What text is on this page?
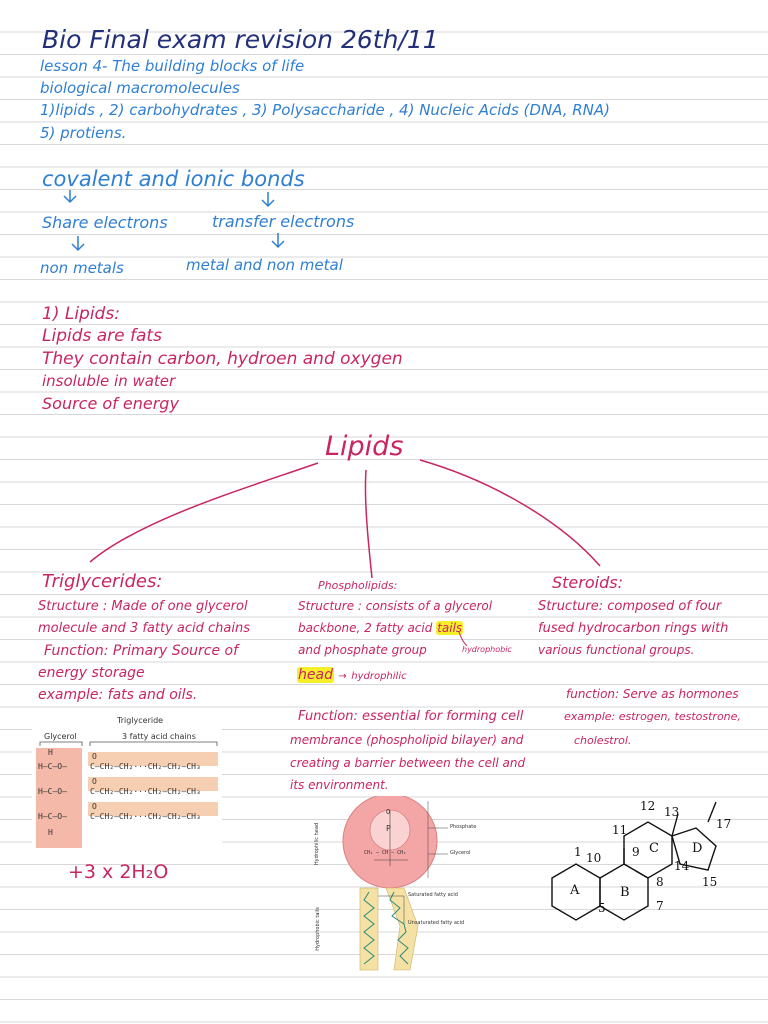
Bio Final exam revision 26th/11
lesson 4- The building blocks of life
biological macromolecules
1)lipids , 2) carbohydrates , 3) Polysaccharide , 4) Nucleic Acids (DNA, RNA)
5) protiens.
covalent and ionic bonds
Share electrons
non metals
transfer electrons
metal and non metal
1) Lipids:
Lipids are fats
They contain carbon, hydroen and oxygen
insoluble in water
Source of energy
Lipids
Triglycerides:
Structure : Made of one glycerol
molecule and 3 fatty acid chains
Function: Primary Source of
energy storage
example: fats and oils.
Phospholipids:
Structure : consists of a glycerol
backbone, 2 fatty acid tails
and phosphate group	hydrophobic
head → hydrophilic
Function: essential for forming cell
membrance (phospholipid bilayer) and
creating a barrier between the cell and
its environment.
Steroids:
Structure: composed of four
fused hydrocarbon rings with
various functional groups.
function: Serve as hormones
example: estrogen, testostrone,
cholestrol.
Triglyceride
Glycerol	3 fatty acid chains
H
H—C—O—	C—CH₂—CH₂···CH₂—CH₂—CH₃
O
H—C—O—	C—CH₂—CH₂···CH₂—CH₂—CH₃
O
H—C—O—	C—CH₂—CH₂···CH₂—CH₂—CH₃
O
H
+3 x 2H₂O
P
O
CH₂ — CH — CH₂
Phosphate
Glycerol
Saturated fatty acid
Unsaturated fatty acid
Hydrophilic head
Hydrophobic tails
A	B
C	D
1
5	7
8
9
10
11
12 13
14
15
17
